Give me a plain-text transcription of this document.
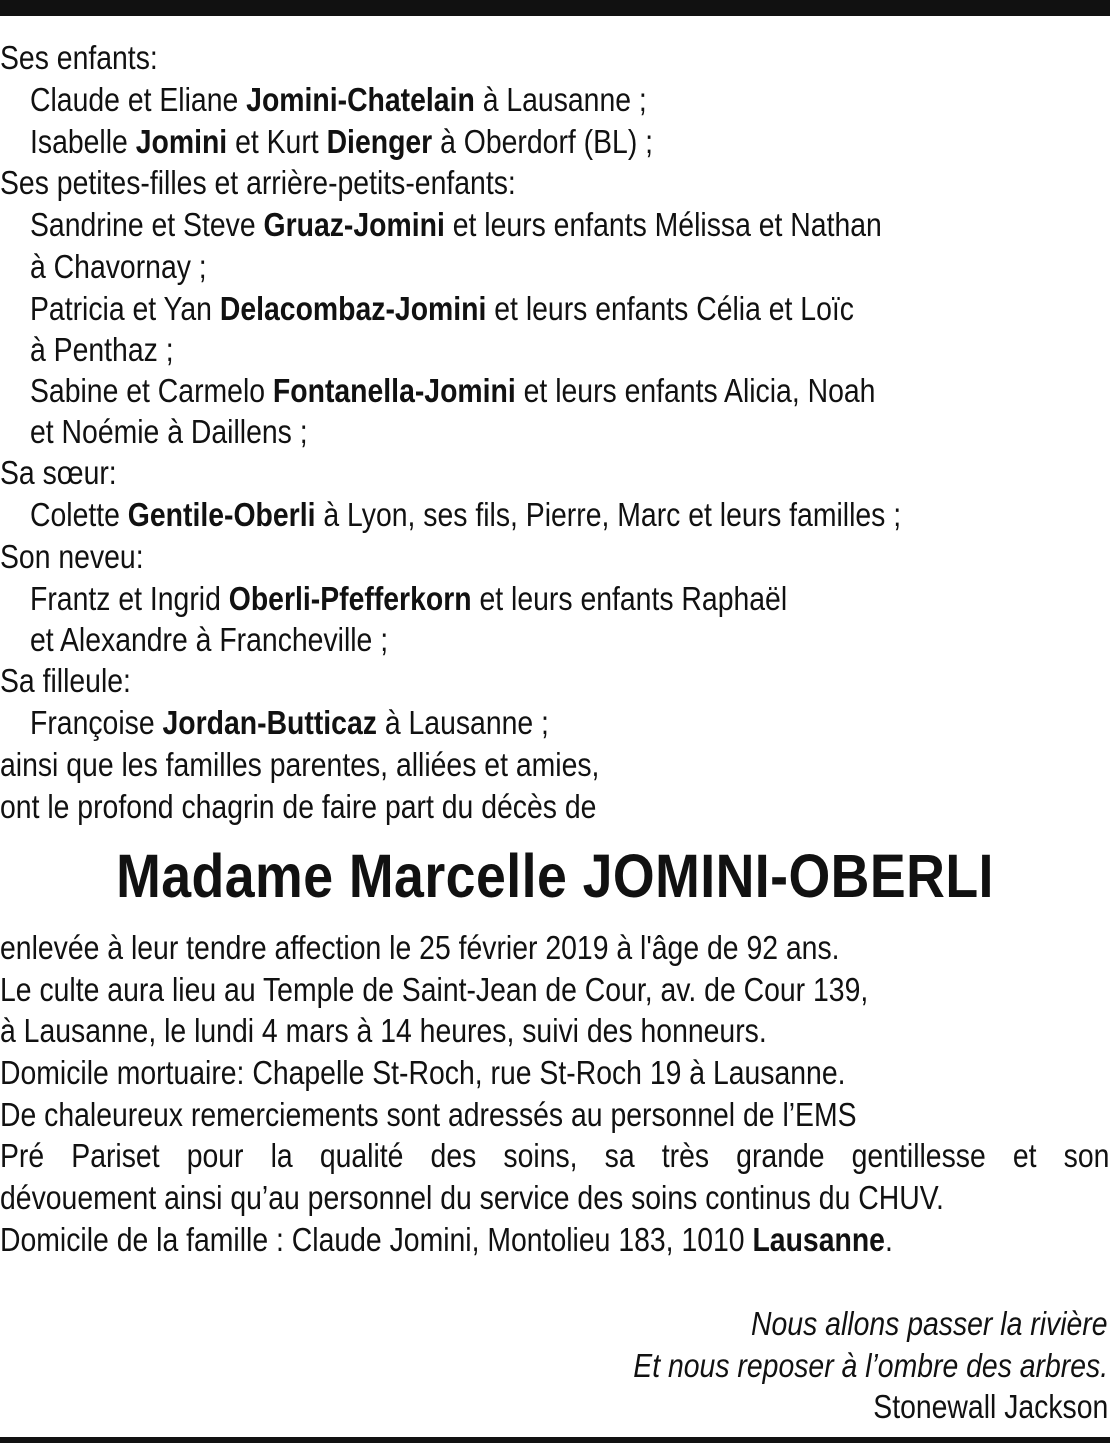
Ses enfants:
Claude et Eliane Jomini-Chatelain à Lausanne ;
Isabelle Jomini et Kurt Dienger à Oberdorf (BL) ;
Ses petites-filles et arrière-petits-enfants:
Sandrine et Steve Gruaz-Jomini et leurs enfants Mélissa et Nathan
à Chavornay ;
Patricia et Yan Delacombaz-Jomini et leurs enfants Célia et Loïc
à Penthaz ;
Sabine et Carmelo Fontanella-Jomini et leurs enfants Alicia, Noah
et Noémie à Daillens ;
Sa sœur:
Colette Gentile-Oberli à Lyon, ses fils, Pierre, Marc et leurs familles ;
Son neveu:
Frantz et Ingrid Oberli-Pfefferkorn et leurs enfants Raphaël
et Alexandre à Francheville ;
Sa filleule:
Françoise Jordan-Butticaz à Lausanne ;
ainsi que les familles parentes, alliées et amies,
ont le profond chagrin de faire part du décès de
Madame Marcelle JOMINI-OBERLI
enlevée à leur tendre affection le 25 février 2019 à l'âge de 92 ans.
Le culte aura lieu au Temple de Saint-Jean de Cour, av. de Cour 139,
à Lausanne, le lundi 4 mars à 14 heures, suivi des honneurs.
Domicile mortuaire: Chapelle St-Roch, rue St-Roch 19 à Lausanne.
De chaleureux remerciements sont adressés au personnel de l’EMS
Pré Pariset pour la qualité des soins, sa très grande gentillesse et son
dévouement ainsi qu’au personnel du service des soins continus du CHUV.
Domicile de la famille : Claude Jomini, Montolieu 183, 1010 Lausanne.
Nous allons passer la rivière
Et nous reposer à l’ombre des arbres.
Stonewall Jackson
